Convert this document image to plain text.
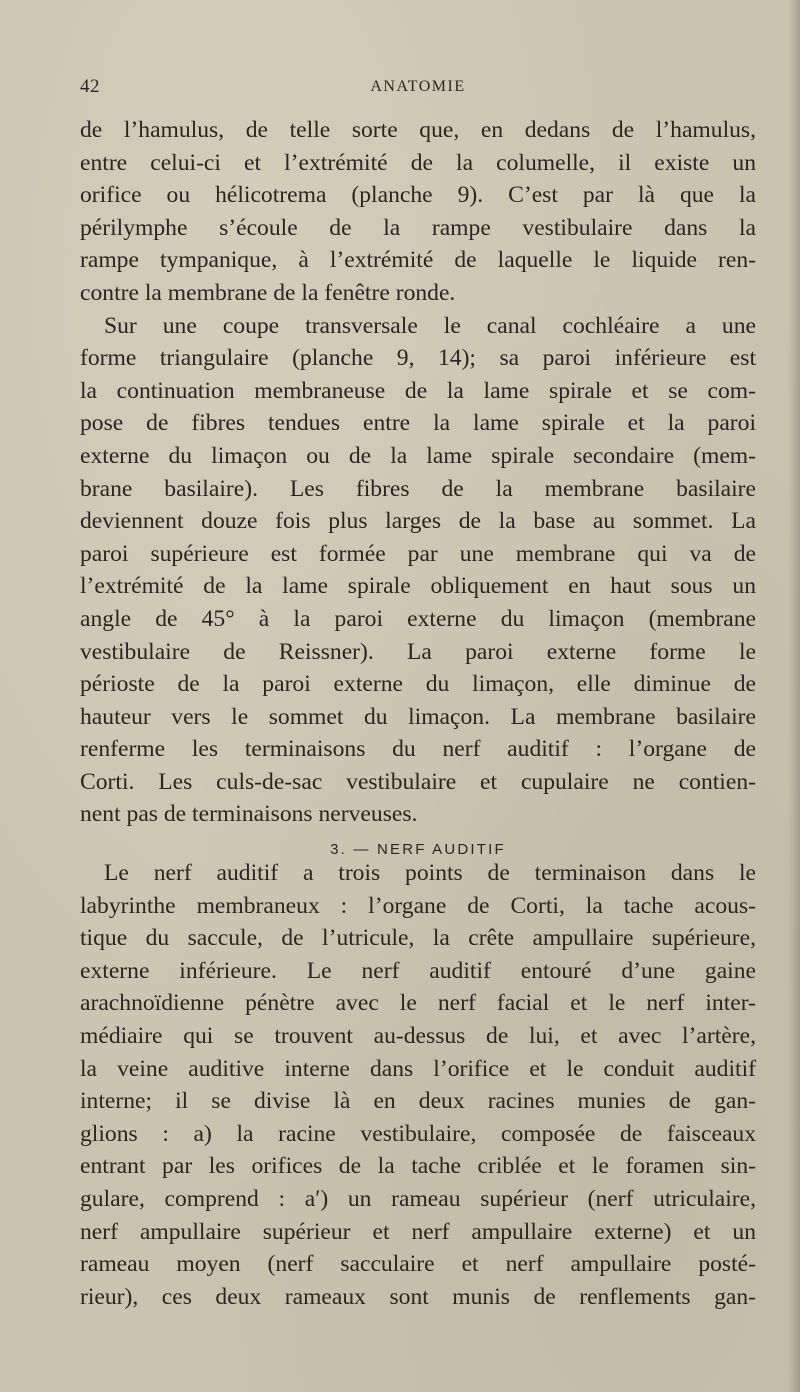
42	ANATOMIE
de l’hamulus, de telle sorte que, en dedans de l’hamulus,
entre celui-ci et l’extrémité de la columelle, il existe un
orifice ou hélicotrema (planche 9). C’est par là que la
périlymphe s’écoule de la rampe vestibulaire dans la
rampe tympanique, à l’extrémité de laquelle le liquide ren-
contre la membrane de la fenêtre ronde.
Sur une coupe transversale le canal cochléaire a une
forme triangulaire (planche 9, 14); sa paroi inférieure est
la continuation membraneuse de la lame spirale et se com-
pose de fibres tendues entre la lame spirale et la paroi
externe du limaçon ou de la lame spirale secondaire (mem-
brane basilaire). Les fibres de la membrane basilaire
deviennent douze fois plus larges de la base au sommet. La
paroi supérieure est formée par une membrane qui va de
l’extrémité de la lame spirale obliquement en haut sous un
angle de 45° à la paroi externe du limaçon (membrane
vestibulaire de Reissner). La paroi externe forme le
périoste de la paroi externe du limaçon, elle diminue de
hauteur vers le sommet du limaçon. La membrane basilaire
renferme les terminaisons du nerf auditif : l’organe de
Corti. Les culs-de-sac vestibulaire et cupulaire ne contien-
nent pas de terminaisons nerveuses.
3. — NERF AUDITIF
Le nerf auditif a trois points de terminaison dans le
labyrinthe membraneux : l’organe de Corti, la tache acous-
tique du saccule, de l’utricule, la crête ampullaire supérieure,
externe inférieure. Le nerf auditif entouré d’une gaine
arachnoïdienne pénètre avec le nerf facial et le nerf inter-
médiaire qui se trouvent au-dessus de lui, et avec l’artère,
la veine auditive interne dans l’orifice et le conduit auditif
interne; il se divise là en deux racines munies de gan-
glions : a) la racine vestibulaire, composée de faisceaux
entrant par les orifices de la tache criblée et le foramen sin-
gulare, comprend : a′) un rameau supérieur (nerf utriculaire,
nerf ampullaire supérieur et nerf ampullaire externe) et un
rameau moyen (nerf sacculaire et nerf ampullaire posté-
rieur), ces deux rameaux sont munis de renflements gan-
